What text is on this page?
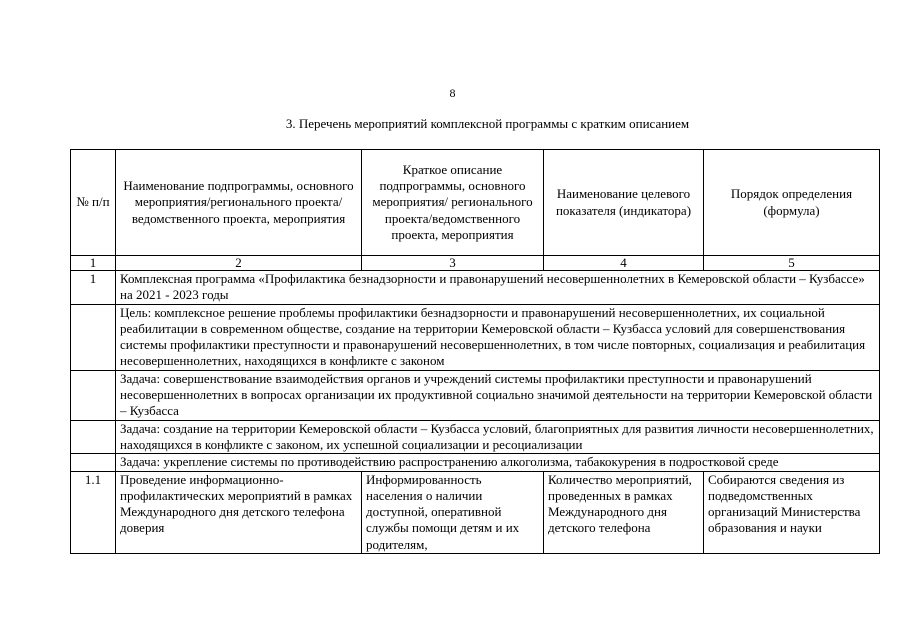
8
3. Перечень мероприятий комплексной программы с кратким описанием
№ п/п	Наименование подпрограммы, основного мероприятия/регионального проекта/ведомственного проекта, мероприятия	Краткое описание подпрограммы, основного мероприятия/ регионального проекта/ведомственного проекта, мероприятия	Наименование целевого показателя (индикатора)	Порядок определения (формула)
1	2	3	4	5
1	Комплексная программа «Профилактика безнадзорности и правонарушений несовершеннолетних в Кемеровской области – Кузбассе» на 2021 - 2023 годы			
	Цель: комплексное решение проблемы профилактики безнадзорности и правонарушений несовершеннолетних, их социальной реабилитации в современном обществе, создание на территории Кемеровской области – Кузбасса условий для совершенствования системы профилактики преступности и правонарушений несовершеннолетних, в том числе повторных, социализация и реабилитация несовершеннолетних, находящихся в конфликте с законом			
	Задача: совершенствование взаимодействия органов и учреждений системы профилактики преступности и правонарушений несовершеннолетних в вопросах организации их продуктивной социально значимой деятельности на территории Кемеровской области – Кузбасса			
	Задача: создание на территории Кемеровской области – Кузбасса условий, благоприятных для развития личности несовершеннолетних, находящихся в конфликте с законом, их успешной социализации и ресоциализации			
	Задача: укрепление системы по противодействию распространению алкоголизма, табакокурения в подростковой среде			
1.1	Проведение информационно-профилактических мероприятий в рамках Международного дня детского телефона доверия	Информированность населения о наличии доступной, оперативной службы помощи детям и их родителям,	Количество мероприятий, проведенных в рамках Международного дня детского телефона	Собираются сведения из подведомственных организаций Министерства образования и науки
